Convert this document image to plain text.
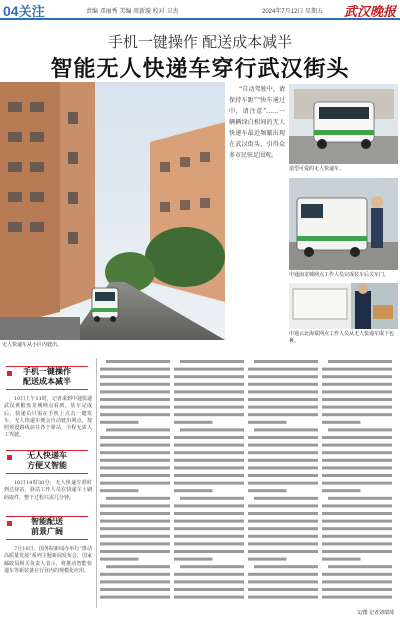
04关注	责编 邓丽秀 美编 周新璇 校对 卫杰	2024年7月12日 星期五 武汉晚报
手机一键操作 配送成本减半
智能无人快递车穿行武汉街头
无人快递车从小区内驶出。

“自动驾驶中，请保持车距”“快车通过中，请注意”……一辆辆绿白相间的无人快递车最近频繁出现在武汉街头，引得众多市民驻足围观。

造型可爱的无人快递车。
中通南龙城网点工作人员完成装车后关车门。
中通云北海棠网点工作人员从无人快递车取下包裹。
手机一键操作
配送成本减半
10日上午11时，记者来到中通快递武汉黄陂盘龙城网点看到，装车完成后，快递员只需在手机上点击一键发车，无人快递车便会自动驶出网点，按照预设路线前往各个驿站，全程无需人工驾驶。
无人快递车
方便又智能
10日14时30分，无人快递车准时到达驿站，驿站工作人员在快递车上刷码取件，整个过程只需几分钟。
智能配送
前景广阔
7月10日，国务院新闻办举行“推动高质量发展”系列主题新闻发布会，国家邮政局相关负责人表示，将推动智能快递车等新装备在行业内的规模化应用。
文/图 记者刘瑞琦
